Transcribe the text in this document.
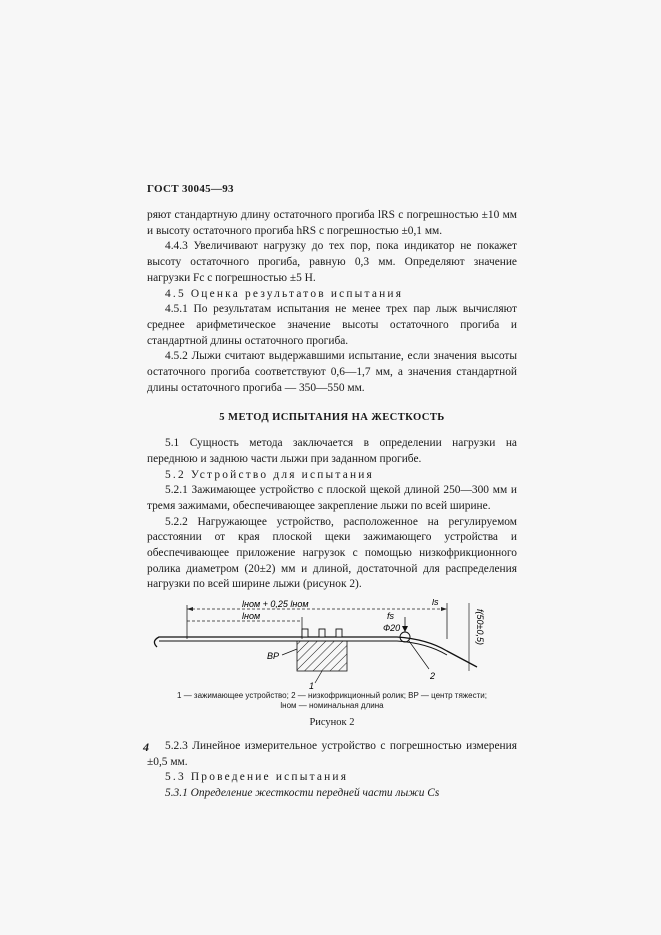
ГОСТ 30045—93

ряют стандартную длину остаточного прогиба lRS с погрешностью ±10 мм и высоту остаточного прогиба hRS с погрешностью ±0,1 мм.

4.4.3 Увеличивают нагрузку до тех пор, пока индикатор не покажет высоту остаточного прогиба, равную 0,3 мм. Определяют значение нагрузки Fc с погрешностью ±5 Н.

4.5 Оценка результатов испытания

4.5.1 По результатам испытания не менее трех пар лыж вычисляют среднее арифметическое значение высоты остаточного прогиба и стандартной длины остаточного прогиба.

4.5.2 Лыжи считают выдержавшими испытание, если значения высоты остаточного прогиба соответствуют 0,6—1,7 мм, а значения стандартной длины остаточного прогиба — 350—550 мм.

5 МЕТОД ИСПЫТАНИЯ НА ЖЕСТКОСТЬ

5.1 Сущность метода заключается в определении нагрузки на переднюю и заднюю части лыжи при заданном прогибе.

5.2 Устройство для испытания

5.2.1 Зажимающее устройство с плоской щекой длиной 250—300 мм и тремя зажимами, обеспечивающее закрепление лыжи по всей ширине.

5.2.2 Нагружающее устройство, расположенное на регулируемом расстоянии от края плоской щеки зажимающего устройства и обеспечивающее приложение нагрузок с помощью низкофрикционного ролика диаметром (20±2) мм и длиной, достаточной для распределения нагрузки по всей ширине лыжи (рисунок 2).

lном + 0,25 lном
lном
ls
fs	f(50±0,5)
Ф20
BP
1
2

1 — зажимающее устройство; 2 — низкофрикционный ролик; BP — центр тяжести;

lном — номинальная длина

Рисунок 2

5.2.3 Линейное измерительное устройство с погрешностью измерения ±0,5 мм.

5.3 Проведение испытания

5.3.1 Определение жесткости передней части лыжи Cs

4
